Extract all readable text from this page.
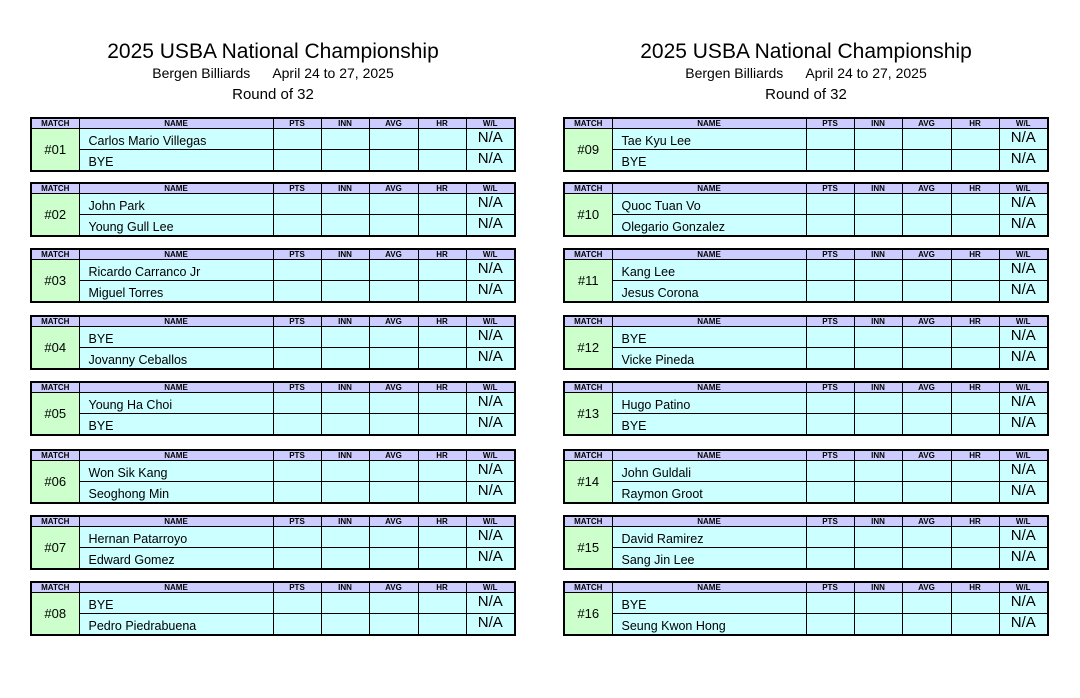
2025 USBA National Championship
Bergen Billiards April 24 to 27, 2025
Round of 32
MATCH	NAME	PTS	INN	AVG	HR	W/L
#01	Carlos Mario Villegas					N/A
	BYE					N/A
MATCH	NAME	PTS	INN	AVG	HR	W/L
#02	John Park					N/A
	Young Gull Lee					N/A
MATCH	NAME	PTS	INN	AVG	HR	W/L
#03	Ricardo Carranco Jr					N/A
	Miguel Torres					N/A
MATCH	NAME	PTS	INN	AVG	HR	W/L
#04	BYE					N/A
	Jovanny Ceballos					N/A
MATCH	NAME	PTS	INN	AVG	HR	W/L
#05	Young Ha Choi					N/A
	BYE					N/A
MATCH	NAME	PTS	INN	AVG	HR	W/L
#06	Won Sik Kang					N/A
	Seoghong Min					N/A
MATCH	NAME	PTS	INN	AVG	HR	W/L
#07	Hernan Patarroyo					N/A
	Edward Gomez					N/A
MATCH	NAME	PTS	INN	AVG	HR	W/L
#08	BYE					N/A
	Pedro Piedrabuena					N/A
2025 USBA National Championship
Bergen Billiards April 24 to 27, 2025
Round of 32
MATCH	NAME	PTS	INN	AVG	HR	W/L
#09	Tae Kyu Lee					N/A
	BYE					N/A
MATCH	NAME	PTS	INN	AVG	HR	W/L
#10	Quoc Tuan Vo					N/A
	Olegario Gonzalez					N/A
MATCH	NAME	PTS	INN	AVG	HR	W/L
#11	Kang Lee					N/A
	Jesus Corona					N/A
MATCH	NAME	PTS	INN	AVG	HR	W/L
#12	BYE					N/A
	Vicke Pineda					N/A
MATCH	NAME	PTS	INN	AVG	HR	W/L
#13	Hugo Patino					N/A
	BYE					N/A
MATCH	NAME	PTS	INN	AVG	HR	W/L
#14	John Guldali					N/A
	Raymon Groot					N/A
MATCH	NAME	PTS	INN	AVG	HR	W/L
#15	David Ramirez					N/A
	Sang Jin Lee					N/A
MATCH	NAME	PTS	INN	AVG	HR	W/L
#16	BYE					N/A
	Seung Kwon Hong					N/A
